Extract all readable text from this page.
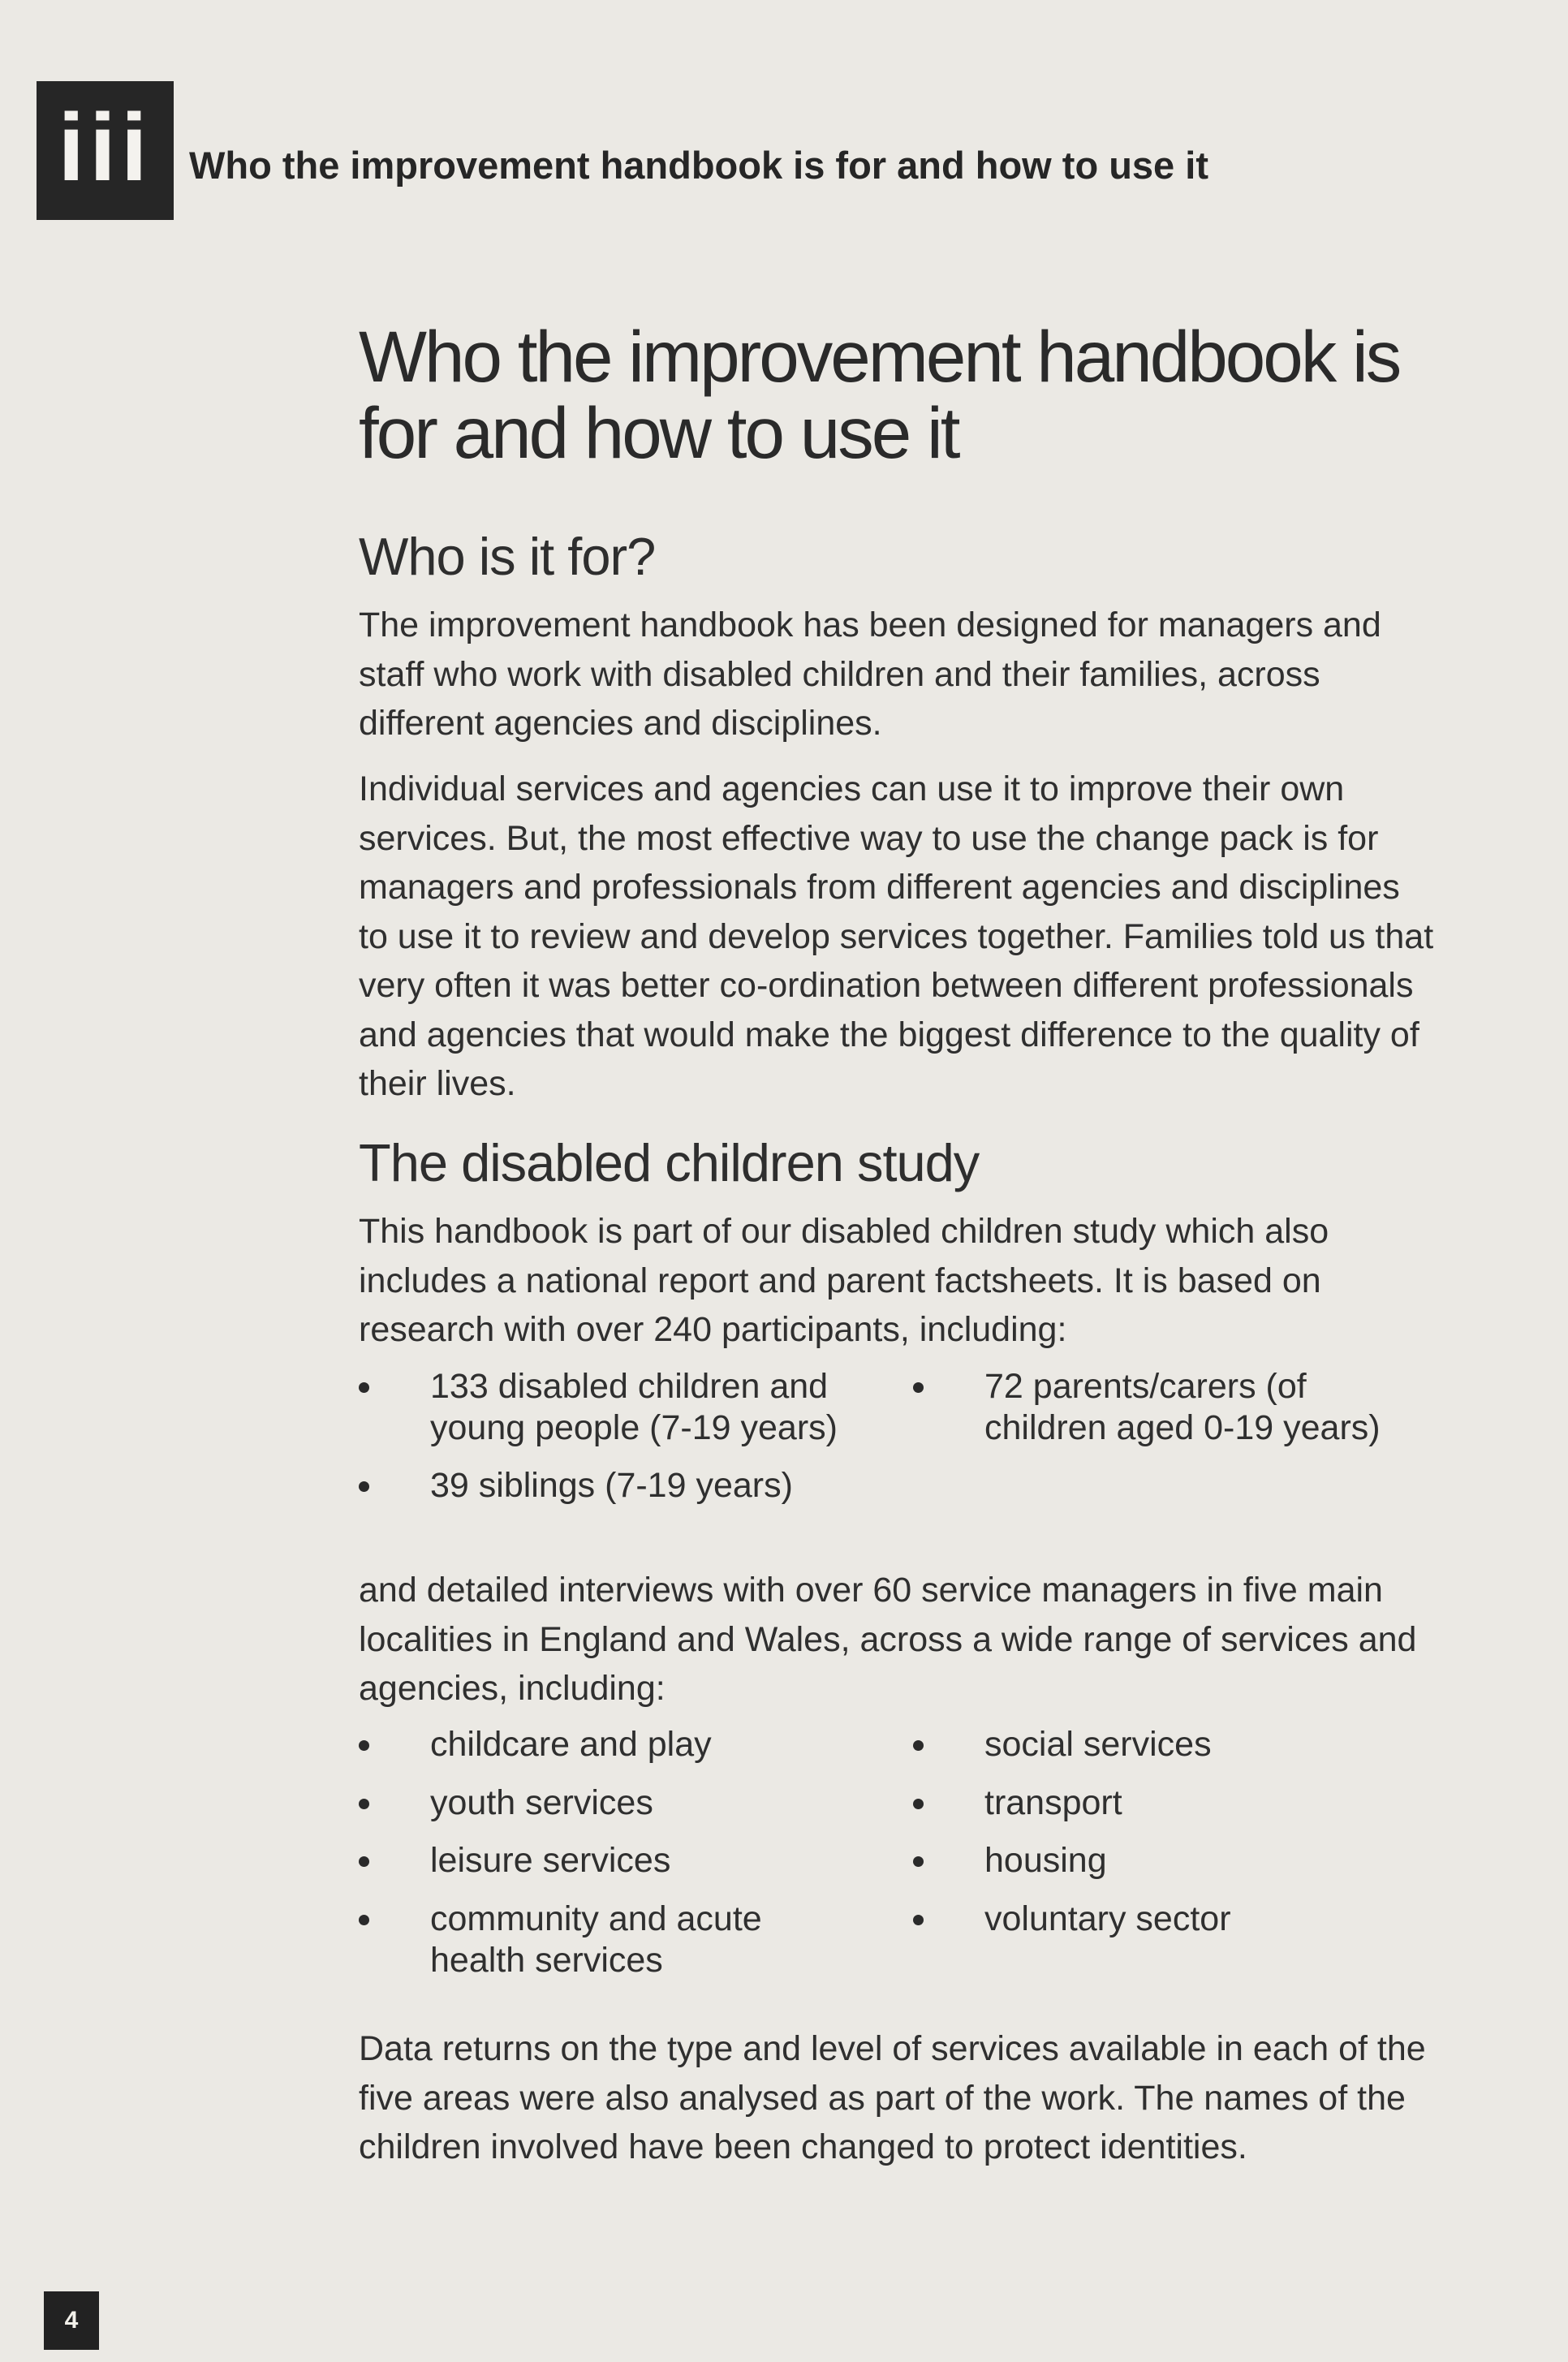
iii Who the improvement handbook is for and how to use it
Who the improvement handbook is for and how to use it
Who is it for?

The improvement handbook has been designed for managers and staff who work with disabled children and their families, across different agencies and disciplines.

Individual services and agencies can use it to improve their own services. But, the most effective way to use the change pack is for managers and professionals from different agencies and disciplines to use it to review and develop services together. Families told us that very often it was better co-ordination between different professionals and agencies that would make the biggest difference to the quality of their lives.

The disabled children study

This handbook is part of our disabled children study which also includes a national report and parent factsheets. It is based on research with over 240 participants, including:

133 disabled children and
young people (7-19 years)
72 parents/carers (of
children aged 0-19 years)
39 siblings (7-19 years)

and detailed interviews with over 60 service managers in five main localities in England and Wales, across a wide range of services and agencies, including:

childcare and play	social services
youth services	transport
leisure services	housing
community and acute
health services
voluntary sector

Data returns on the type and level of services available in each of the five areas were also analysed as part of the work. The names of the children involved have been changed to protect identities.

4
